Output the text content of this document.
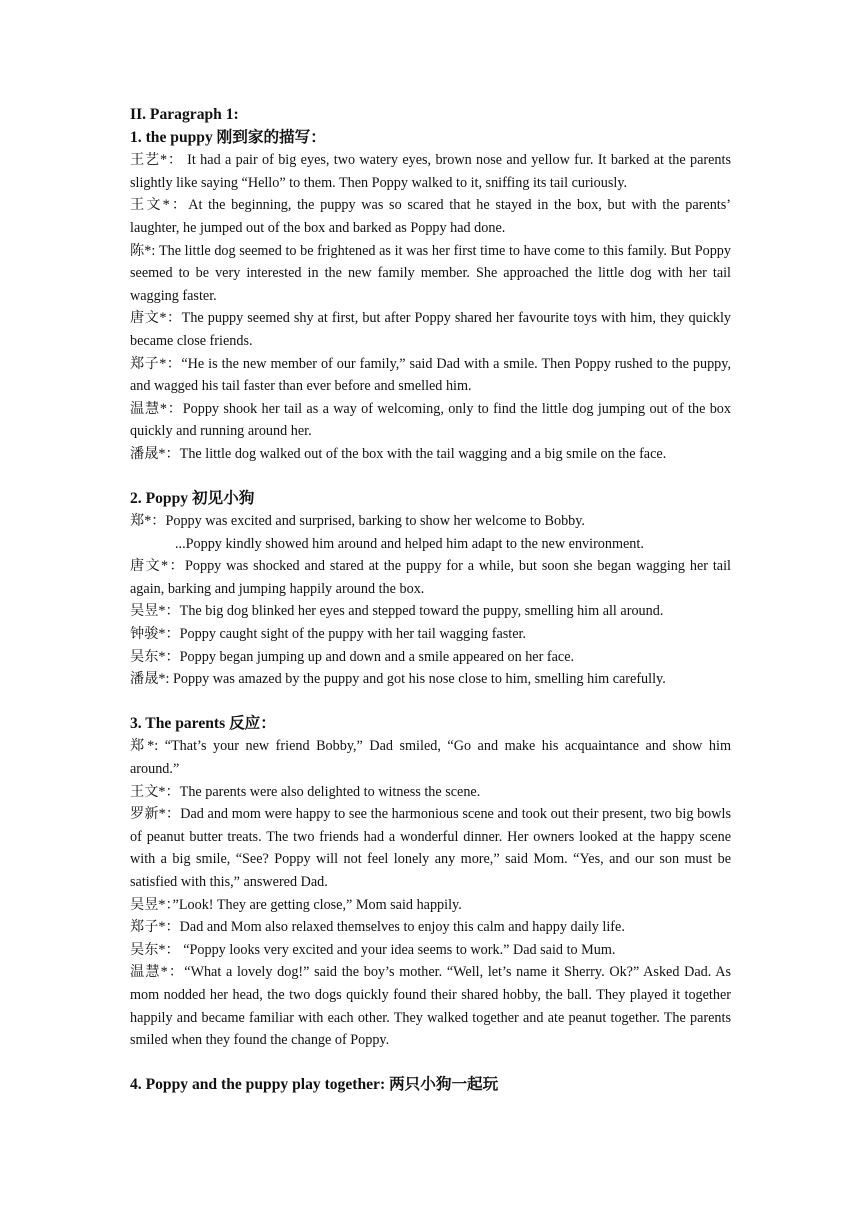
II. Paragraph 1:

1. the puppy 刚到家的描写：

王艺*： It had a pair of big eyes, two watery eyes, brown nose and yellow fur. It barked at the parents slightly like saying “Hello” to them. Then Poppy walked to it, sniffing its tail curiously.

王文*：At the beginning, the puppy was so scared that he stayed in the box, but with the parents’ laughter, he jumped out of the box and barked as Poppy had done.

陈*: The little dog seemed to be frightened as it was her first time to have come to this family. But Poppy seemed to be very interested in the new family member. She approached the little dog with her tail wagging faster.

唐文*：The puppy seemed shy at first, but after Poppy shared her favourite toys with him, they quickly became close friends.

郑子*：“He is the new member of our family,” said Dad with a smile. Then Poppy rushed to the puppy, and wagged his tail faster than ever before and smelled him.

温慧*：Poppy shook her tail as a way of welcoming, only to find the little dog jumping out of the box quickly and running around her.

潘晟*：The little dog walked out of the box with the tail wagging and a big smile on the face.

2. Poppy 初见小狗

郑*：Poppy was excited and surprised, barking to show her welcome to Bobby.

...Poppy kindly showed him around and helped him adapt to the new environment.

唐文*：Poppy was shocked and stared at the puppy for a while, but soon she began wagging her tail again, barking and jumping happily around the box.

吴昱*：The big dog blinked her eyes and stepped toward the puppy, smelling him all around.

钟骏*：Poppy caught sight of the puppy with her tail wagging faster.

吴东*：Poppy began jumping up and down and a smile appeared on her face.

潘晟*: Poppy was amazed by the puppy and got his nose close to him, smelling him carefully.

3. The parents 反应：

郑*: “That’s your new friend Bobby,” Dad smiled, “Go and make his acquaintance and show him around.”

王文*：The parents were also delighted to witness the scene.

罗新*：Dad and mom were happy to see the harmonious scene and took out their present, two big bowls of peanut butter treats. The two friends had a wonderful dinner. Her owners looked at the happy scene with a big smile, “See? Poppy will not feel lonely any more,” said Mom. “Yes, and our son must be satisfied with this,” answered Dad.

吴昱*：”Look! They are getting close,” Mom said happily.

郑子*：Dad and Mom also relaxed themselves to enjoy this calm and happy daily life.

吴东*： “Poppy looks very excited and your idea seems to work.” Dad said to Mum.

温慧*：“What a lovely dog!” said the boy’s mother. “Well, let’s name it Sherry. Ok?” Asked Dad. As mom nodded her head, the two dogs quickly found their shared hobby, the ball. They played it together happily and became familiar with each other. They walked together and ate peanut together. The parents smiled when they found the change of Poppy.

4. Poppy and the puppy play together: 两只小狗一起玩
